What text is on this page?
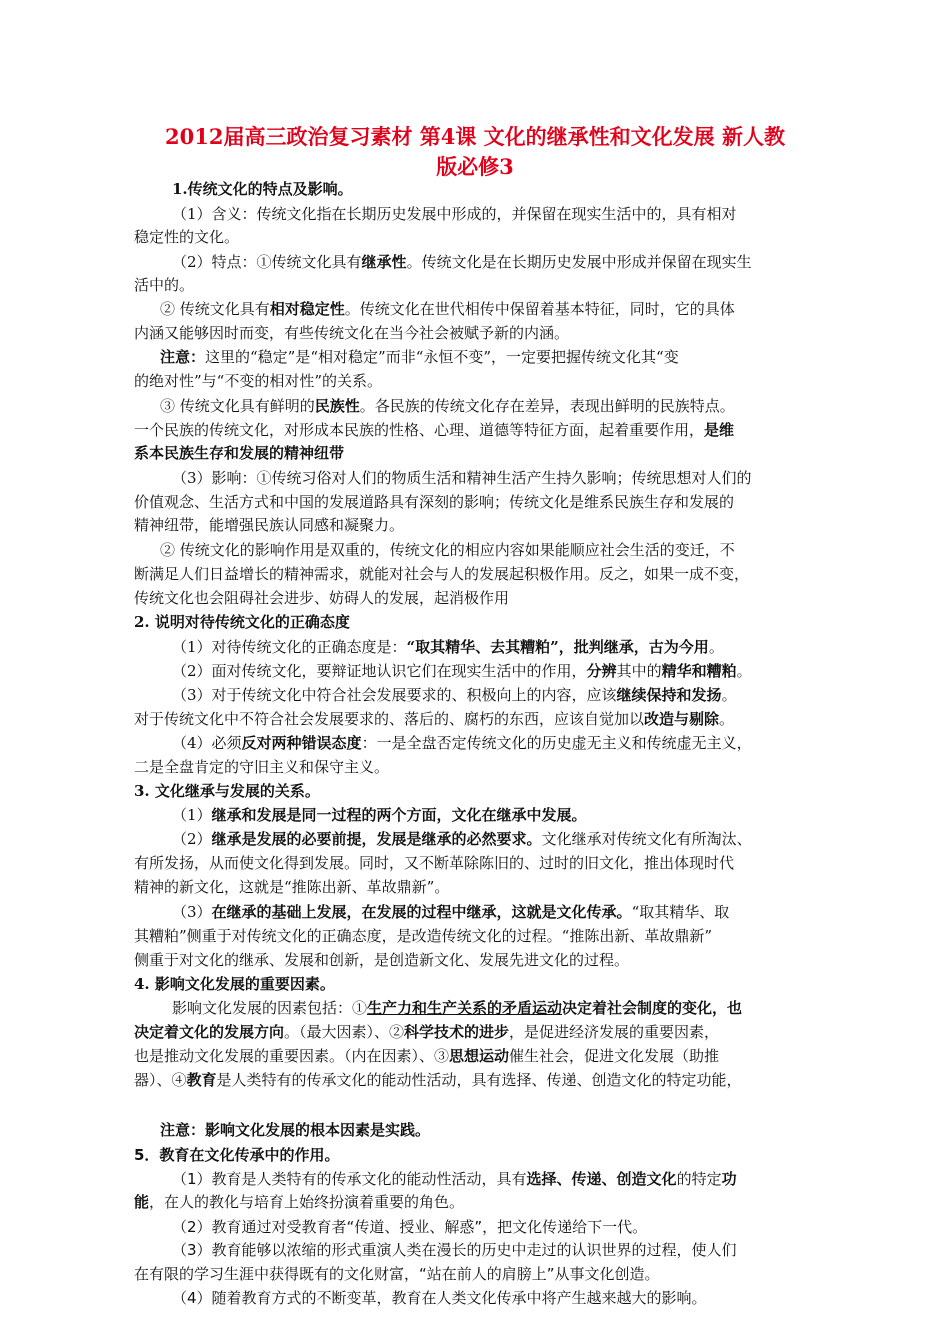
2012届高三政治复习素材 第4课 文化的继承性和文化发展 新人教
版必修3
1.传统文化的特点及影响。
（1）含义：传统文化指在长期历史发展中形成的，并保留在现实生活中的，具有相对
稳定性的文化。
（2）特点：①传统文化具有继承性。传统文化是在长期历史发展中形成并保留在现实生
活中的。
② 传统文化具有相对稳定性。传统文化在世代相传中保留着基本特征，同时，它的具体
内涵又能够因时而变，有些传统文化在当今社会被赋予新的内涵。
注意：这里的“稳定”是“相对稳定”而非“永恒不变”，一定要把握传统文化其“变
的绝对性”与“不变的相对性”的关系。
③ 传统文化具有鲜明的民族性。各民族的传统文化存在差异，表现出鲜明的民族特点。
一个民族的传统文化，对形成本民族的性格、心理、道德等特征方面，起着重要作用，是维
系本民族生存和发展的精神纽带
（3）影响：①传统习俗对人们的物质生活和精神生活产生持久影响；传统思想对人们的
价值观念、生活方式和中国的发展道路具有深刻的影响；传统文化是维系民族生存和发展的
精神纽带，能增强民族认同感和凝聚力。
② 传统文化的影响作用是双重的，传统文化的相应内容如果能顺应社会生活的变迁，不
断满足人们日益增长的精神需求，就能对社会与人的发展起积极作用。反之，如果一成不变，
传统文化也会阻碍社会进步、妨碍人的发展，起消极作用
2. 说明对待传统文化的正确态度
（1）对待传统文化的正确态度是：“取其精华、去其糟粕”，批判继承，古为今用。
（2）面对传统文化，要辩证地认识它们在现实生活中的作用，分辨其中的精华和糟粕。
（3）对于传统文化中符合社会发展要求的、积极向上的内容，应该继续保持和发扬。
对于传统文化中不符合社会发展要求的、落后的、腐朽的东西，应该自觉加以改造与剔除。
（4）必须反对两种错误态度：一是全盘否定传统文化的历史虚无主义和传统虚无主义，
二是全盘肯定的守旧主义和保守主义。
3. 文化继承与发展的关系。
（1）继承和发展是同一过程的两个方面，文化在继承中发展。
（2）继承是发展的必要前提，发展是继承的必然要求。文化继承对传统文化有所淘汰、
有所发扬，从而使文化得到发展。同时，又不断革除陈旧的、过时的旧文化，推出体现时代
精神的新文化，这就是“推陈出新、革故鼎新”。
（3）在继承的基础上发展，在发展的过程中继承，这就是文化传承。“取其精华、取
其糟粕”侧重于对传统文化的正确态度，是改造传统文化的过程。“推陈出新、革故鼎新”
侧重于对文化的继承、发展和创新，是创造新文化、发展先进文化的过程。
4. 影响文化发展的重要因素。
影响文化发展的因素包括：①生产力和生产关系的矛盾运动决定着社会制度的变化，也
决定着文化的发展方向。（最大因素）、②科学技术的进步，是促进经济发展的重要因素，
也是推动文化发展的重要因素。（内在因素）、③思想运动催生社会，促进文化发展（助推
器）、④教育是人类特有的传承文化的能动性活动，具有选择、传递、创造文化的特定功能，
注意：影响文化发展的根本因素是实践。
5．教育在文化传承中的作用。
（1）教育是人类特有的传承文化的能动性活动，具有选择、传递、创造文化的特定功
能，在人的教化与培育上始终扮演着重要的角色。
（2）教育通过对受教育者“传道、授业、解惑”，把文化传递给下一代。
（3）教育能够以浓缩的形式重演人类在漫长的历史中走过的认识世界的过程，使人们
在有限的学习生涯中获得既有的文化财富，“站在前人的肩膀上”从事文化创造。
（4）随着教育方式的不断变革，教育在人类文化传承中将产生越来越大的影响。
